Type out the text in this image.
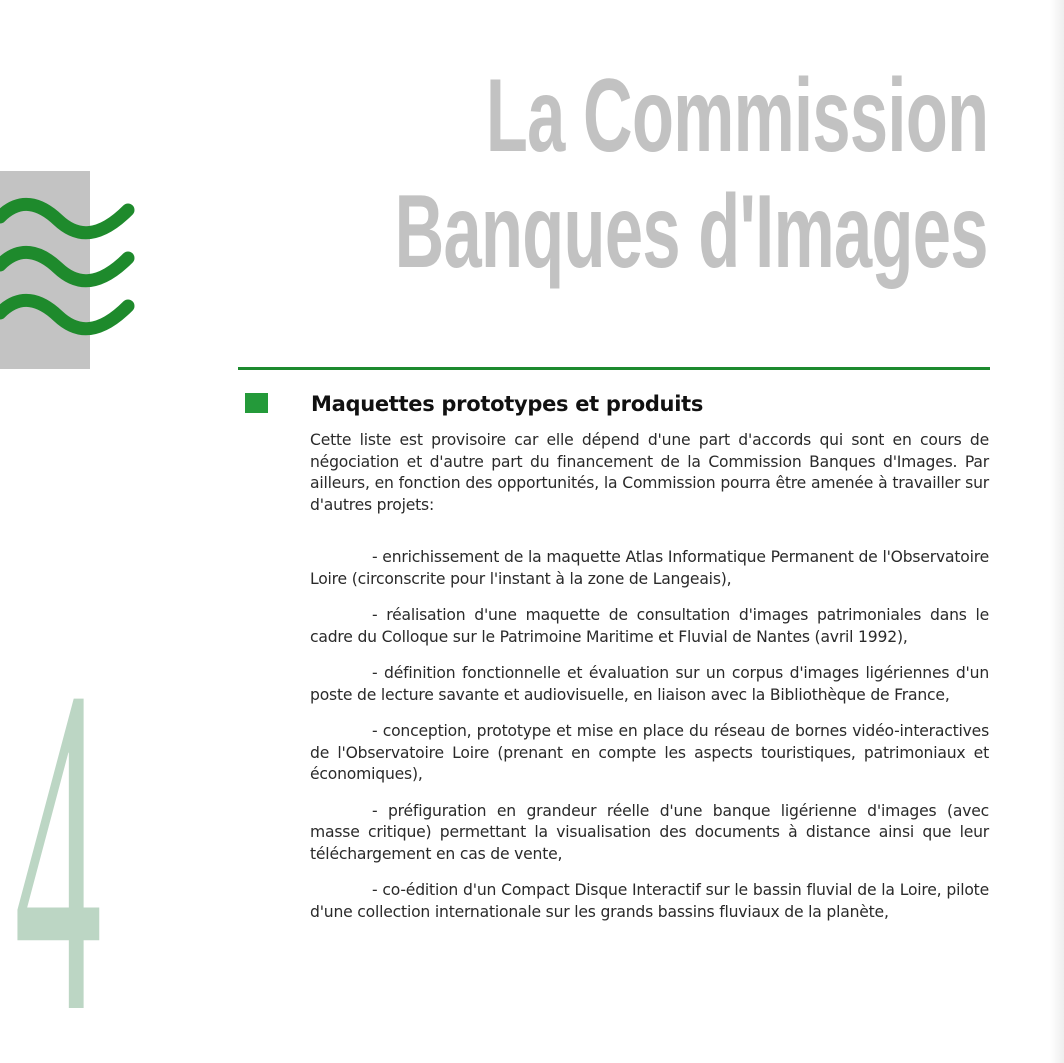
La Commission
Banques d'Images
Maquettes prototypes et produits

Cette liste est provisoire car elle dépend d'une part d'accords qui sont en cours de négociation et d'autre part du financement de la Commission Banques d'Images. Par ailleurs, en fonction des opportunités, la Commission pourra être amenée à travailler sur d'autres projets:

- enrichissement de la maquette Atlas Informatique Permanent de l'Observatoire Loire (circonscrite pour l'instant à la zone de Langeais),

- réalisation d'une maquette de consultation d'images patrimoniales dans le cadre du Colloque sur le Patrimoine Maritime et Fluvial de Nantes (avril 1992),

- définition fonctionnelle et évaluation sur un corpus d'images ligériennes d'un poste de lecture savante et audiovisuelle, en liaison avec la Bibliothèque de France,

- conception, prototype et mise en place du réseau de bornes vidéo-interactives de l'Observatoire Loire (prenant en compte les aspects touristiques, patrimoniaux et économiques),

- préfiguration en grandeur réelle d'une banque ligérienne d'images (avec masse critique) permettant la visualisation des documents à distance ainsi que leur téléchargement en cas de vente,

- co-édition d'un Compact Disque Interactif sur le bassin fluvial de la Loire, pilote d'une collection internationale sur les grands bassins fluviaux de la planète,

4
